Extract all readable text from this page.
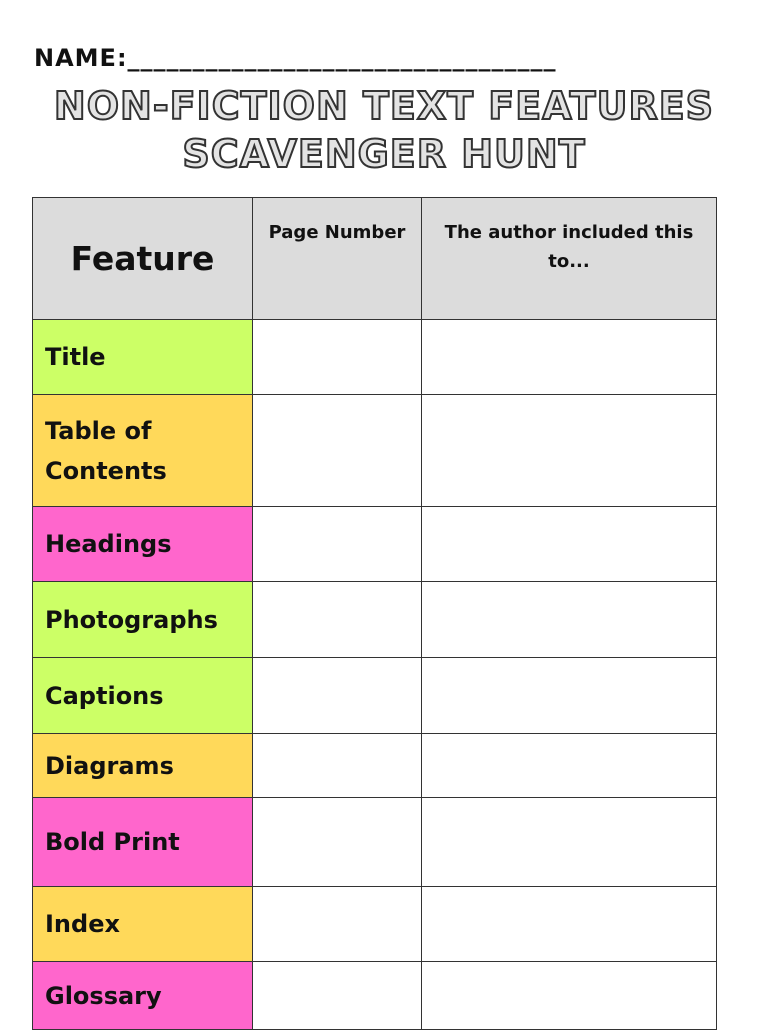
NAME:_________________________________
NON-FICTION TEXT FEATURES
SCAVENGER HUNT
Feature	Page Number	The author included this to...
Title		
Table of Contents		
Headings		
Photographs		
Captions		
Diagrams		
Bold Print		
Index		
Glossary		
